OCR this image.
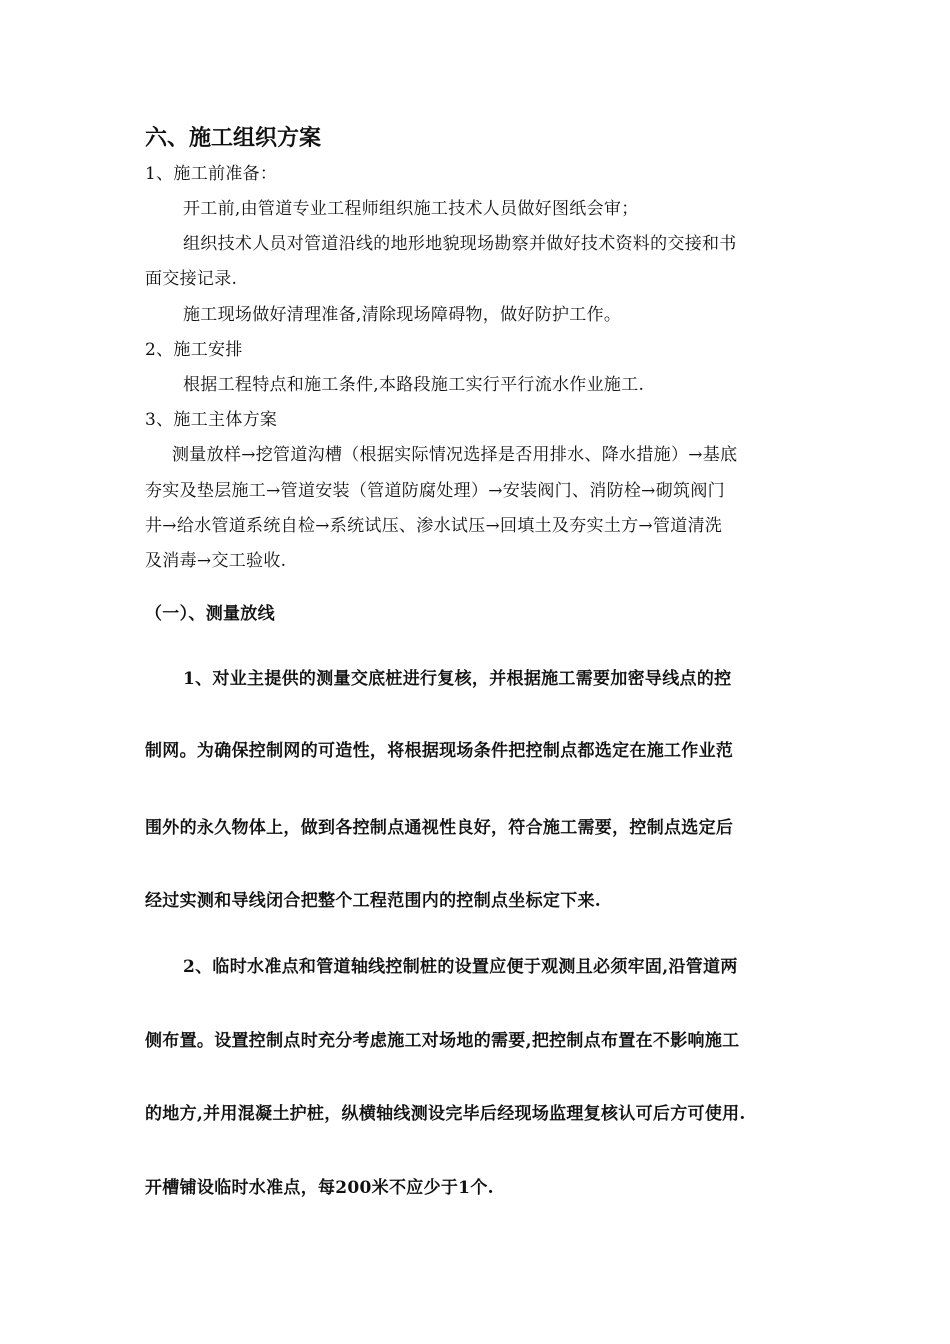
六、施工组织方案
1、施工前准备：
开工前,由管道专业工程师组织施工技术人员做好图纸会审；
组织技术人员对管道沿线的地形地貌现场勘察并做好技术资料的交接和书
面交接记录.
施工现场做好清理准备,清除现场障碍物，做好防护工作。
2、施工安排
根据工程特点和施工条件,本路段施工实行平行流水作业施工.
3、施工主体方案
测量放样→挖管道沟槽（根据实际情况选择是否用排水、降水措施）→基底
夯实及垫层施工→管道安装（管道防腐处理）→安装阀门、消防栓→砌筑阀门
井→给水管道系统自检→系统试压、渗水试压→回填土及夯实土方→管道清洗
及消毒→交工验收.
（一）、测量放线
1、对业主提供的测量交底桩进行复核，并根据施工需要加密导线点的控
制网。为确保控制网的可造性，将根据现场条件把控制点都选定在施工作业范
围外的永久物体上，做到各控制点通视性良好，符合施工需要，控制点选定后
经过实测和导线闭合把整个工程范围内的控制点坐标定下来.
2、临时水准点和管道轴线控制桩的设置应便于观测且必须牢固,沿管道两
侧布置。设置控制点时充分考虑施工对场地的需要,把控制点布置在不影响施工
的地方,并用混凝土护桩，纵横轴线测设完毕后经现场监理复核认可后方可使用.
开槽铺设临时水准点，每200米不应少于1个.
